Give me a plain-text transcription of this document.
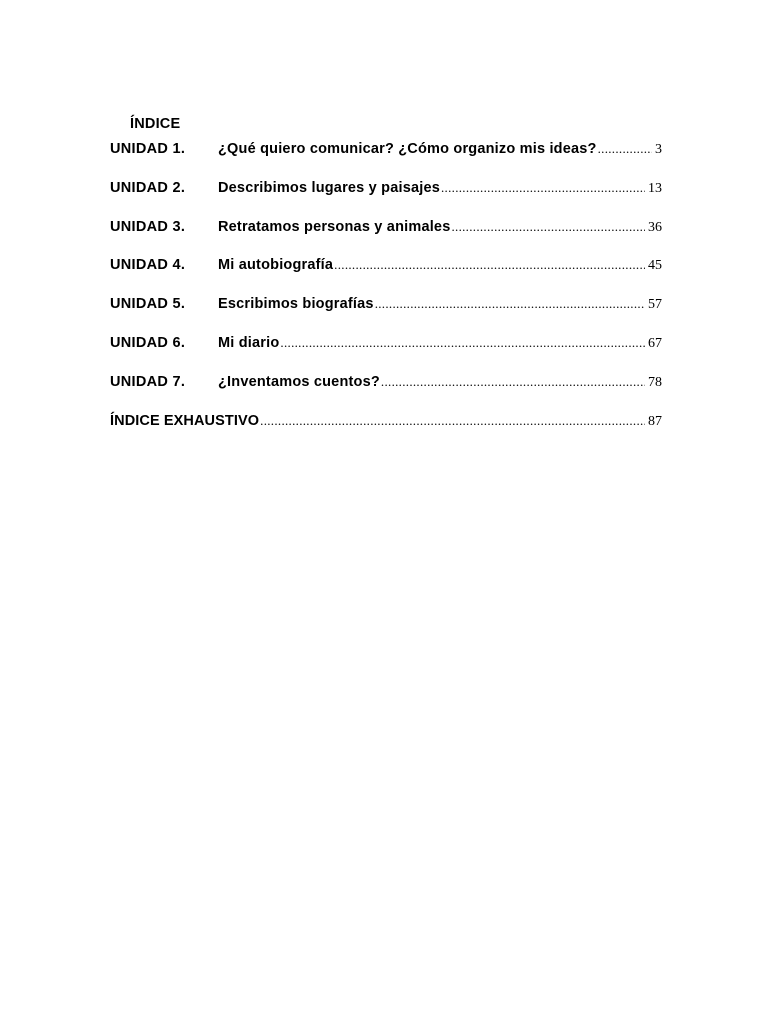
ÍNDICE
UNIDAD 1.	¿Qué quiero comunicar? ¿Cómo organizo mis ideas? .....	3
UNIDAD 2.	Describimos lugares y paisajes .....	13
UNIDAD 3.	Retratamos personas y animales .....	36
UNIDAD 4.	Mi autobiografía .....	45
UNIDAD 5.	Escribimos biografías .....	57
UNIDAD 6.	Mi diario .....	67
UNIDAD 7.	¿Inventamos cuentos? .....	78
ÍNDICE EXHAUSTIVO .....	87
